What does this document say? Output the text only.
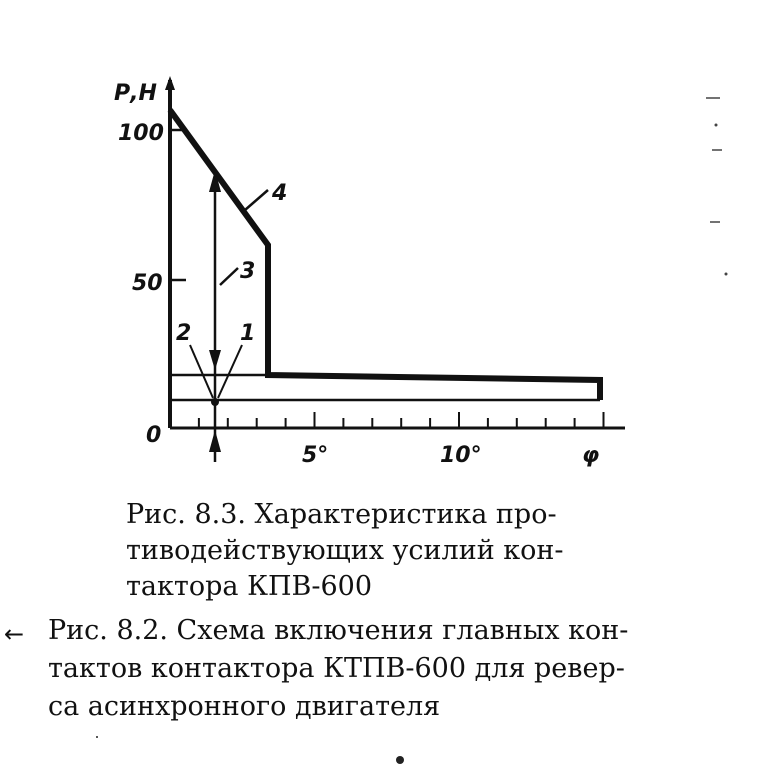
Р,Н
100
50
0
5°	10°	φ
4
3
2 1

Рис. 8.3. Характеристика про-
тиводействующих усилий кон-
тактора КПВ-600

← Рис. 8.2. Схема включения главных кон-
тактов контактора КТПВ-600 для ревер-
са асинхронного двигателя
